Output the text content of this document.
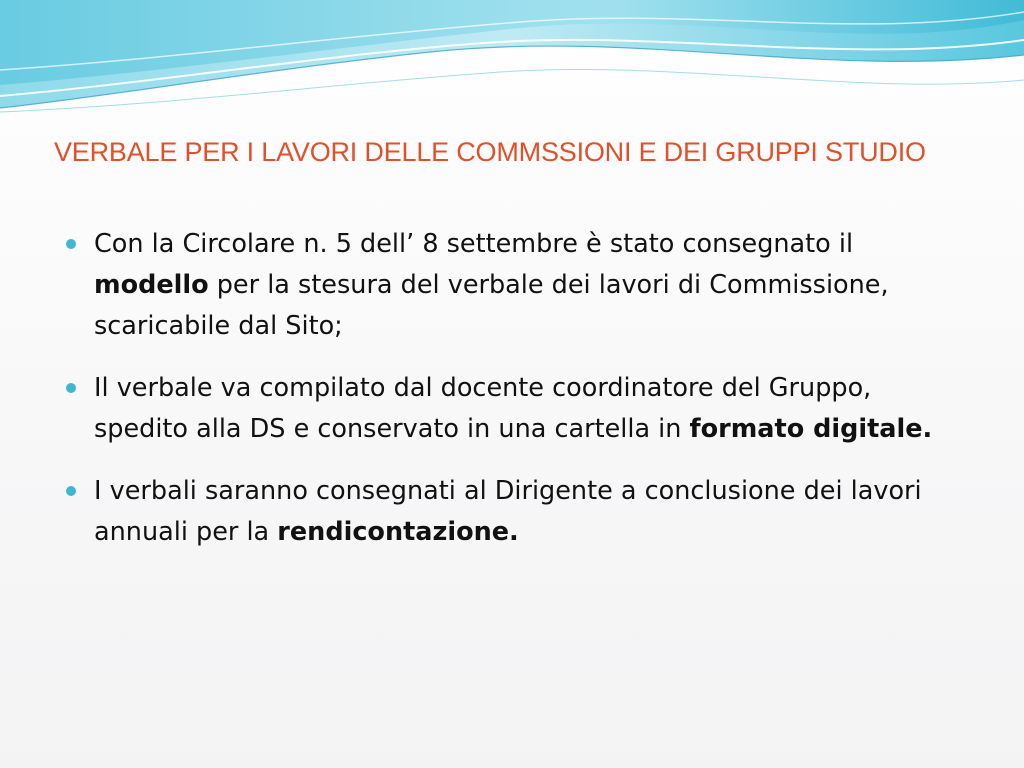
VERBALE PER I LAVORI DELLE COMMSSIONI E DEI GRUPPI STUDIO
Con la Circolare n. 5 dell’ 8 settembre è stato consegnato il modello per la stesura del verbale dei lavori di Commissione, scaricabile dal Sito;
Il verbale va compilato dal docente coordinatore del Gruppo, spedito alla DS e conservato in una cartella in formato digitale.
I verbali saranno consegnati al Dirigente a conclusione dei lavori annuali per la rendicontazione.
